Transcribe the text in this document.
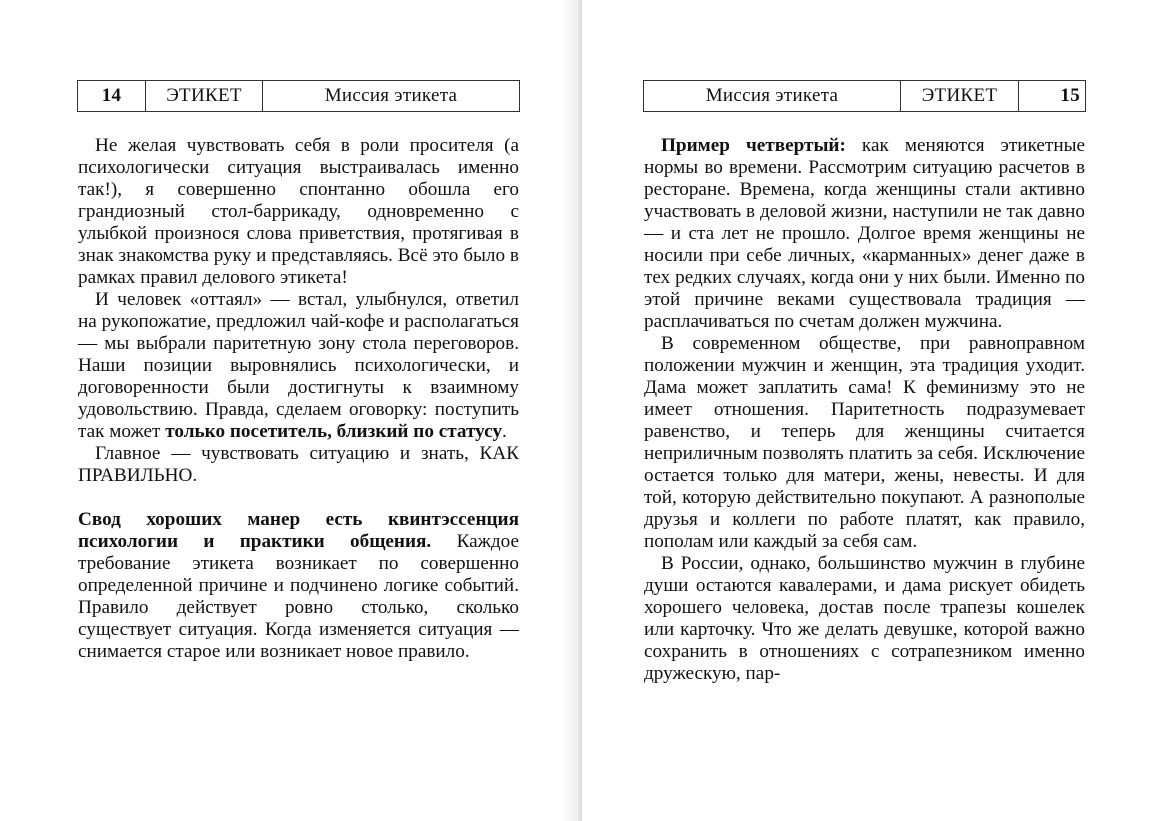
14	ЭТИКЕТ	Миссия этикета

Не желая чувствовать себя в роли просителя (а психологически ситуация выстраивалась именно так!), я совершенно спонтанно обошла его грандиозный стол-баррикаду, одновременно с улыбкой произнося слова приветствия, протягивая в знак знакомства руку и представляясь. Всё это было в рамках правил делового этикета!

И человек «оттаял» — встал, улыбнулся, ответил на рукопожатие, предложил чай-кофе и располагаться — мы выбрали паритетную зону стола переговоров. Наши позиции выровнялись психологически, и договоренности были достигнуты к взаимному удовольствию. Правда, сделаем оговорку: поступить так может только посетитель, близкий по статусу.

Главное — чувствовать ситуацию и знать, КАК ПРАВИЛЬНО.

Свод хороших манер есть квинтэссенция психологии и практики общения. Каждое требование этикета возникает по совершенно определенной причине и подчинено логике событий. Правило действует ровно столько, сколько существует ситуация. Когда изменяется ситуация — снимается старое или возникает новое правило.

Миссия этикета	ЭТИКЕТ	15

Пример четвертый: как меняются этикетные нормы во времени. Рассмотрим ситуацию расчетов в ресторане. Времена, когда женщины стали активно участвовать в деловой жизни, наступили не так давно — и ста лет не прошло. Долгое время женщины не носили при себе личных, «карманных» денег даже в тех редких случаях, когда они у них были. Именно по этой причине веками существовала традиция — расплачиваться по счетам должен мужчина.

В современном обществе, при равноправном положении мужчин и женщин, эта традиция уходит. Дама может заплатить сама! К феминизму это не имеет отношения. Паритетность подразумевает равенство, и теперь для женщины считается неприличным позволять платить за себя. Исключение остается только для матери, жены, невесты. И для той, которую действительно покупают. А разнополые друзья и коллеги по работе платят, как правило, пополам или каждый за себя сам.

В России, однако, большинство мужчин в глубине души остаются кавалерами, и дама рискует обидеть хорошего человека, достав после трапезы кошелек или карточку. Что же делать девушке, которой важно сохранить в отношениях с сотрапезником именно дружескую, пар-
